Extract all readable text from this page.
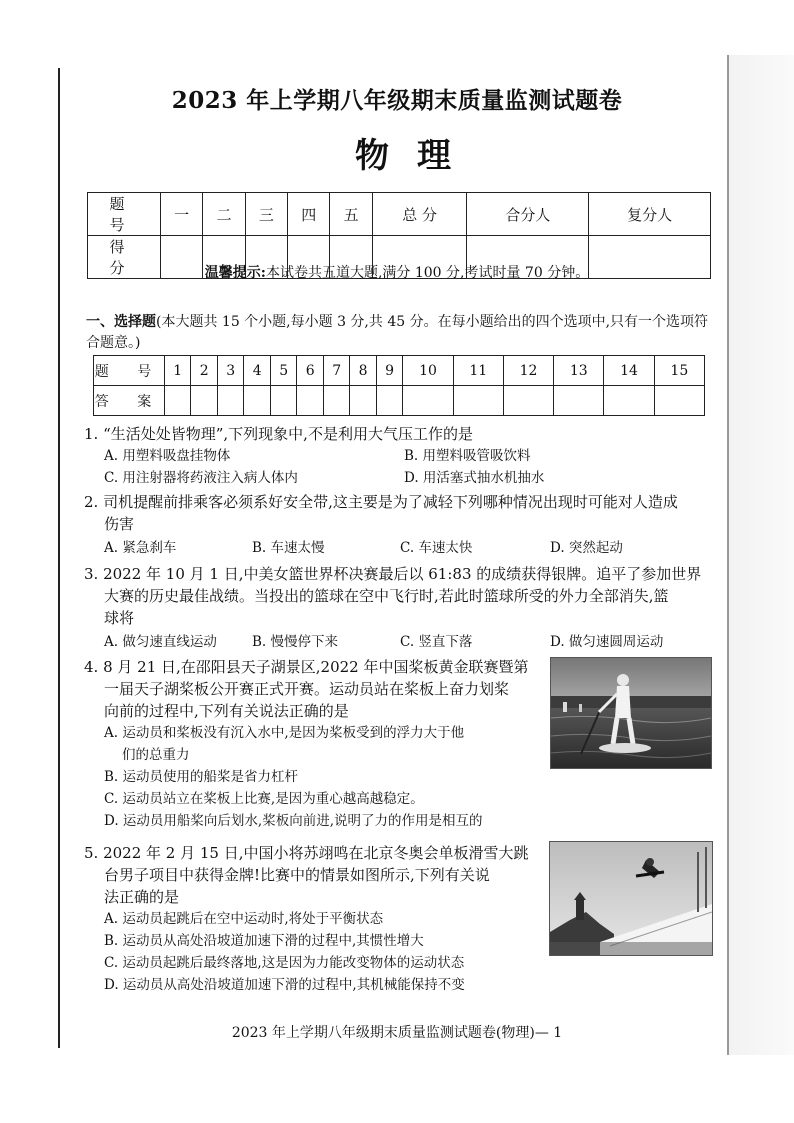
2023 年上学期八年级期末质量监测试题卷
物理
题 号	一	二	三	四	五	总 分	合分人	复分人
得 分									温馨提示:本试卷共五道大题,满分 100 分,考试时量 70 分钟。
一、选择题(本大题共 15 个小题,每小题 3 分,共 45 分。在每小题给出的四个选项中,只有一个选项符合题意。)
题 号	1	2	3	4	5	6	7	8	9	10	11	12	13	14	15
答 案															
1. “生活处处皆物理”,下列现象中,不是利用大气压工作的是
A. 用塑料吸盘挂物体	B. 用塑料吸管吸饮料
C. 用注射器将药液注入病人体内	D. 用活塞式抽水机抽水
2. 司机提醒前排乘客必须系好安全带,这主要是为了减轻下列哪种情况出现时可能对人造成
伤害
A. 紧急刹车	B. 车速太慢	C. 车速太快	D. 突然起动
3. 2022 年 10 月 1 日,中美女篮世界杯决赛最后以 61:83 的成绩获得银牌。追平了参加世界
大赛的历史最佳战绩。当投出的篮球在空中飞行时,若此时篮球所受的外力全部消失,篮
球将
A. 做匀速直线运动	B. 慢慢停下来	C. 竖直下落	D. 做匀速圆周运动
4. 8 月 21 日,在邵阳县天子湖景区,2022 年中国桨板黄金联赛暨第
一届天子湖桨板公开赛正式开赛。运动员站在桨板上奋力划桨
向前的过程中,下列有关说法正确的是
A. 运动员和桨板没有沉入水中,是因为桨板受到的浮力大于他
们的总重力
B. 运动员使用的船桨是省力杠杆
C. 运动员站立在桨板上比赛,是因为重心越高越稳定。
D. 运动员用船桨向后划水,桨板向前进,说明了力的作用是相互的
5. 2022 年 2 月 15 日,中国小将苏翊鸣在北京冬奥会单板滑雪大跳
台男子项目中获得金牌!比赛中的情景如图所示,下列有关说
法正确的是
A. 运动员起跳后在空中运动时,将处于平衡状态
B. 运动员从高处沿坡道加速下滑的过程中,其惯性增大
C. 运动员起跳后最终落地,这是因为力能改变物体的运动状态
D. 运动员从高处沿坡道加速下滑的过程中,其机械能保持不变
2023 年上学期八年级期末质量监测试题卷(物理)— 1
